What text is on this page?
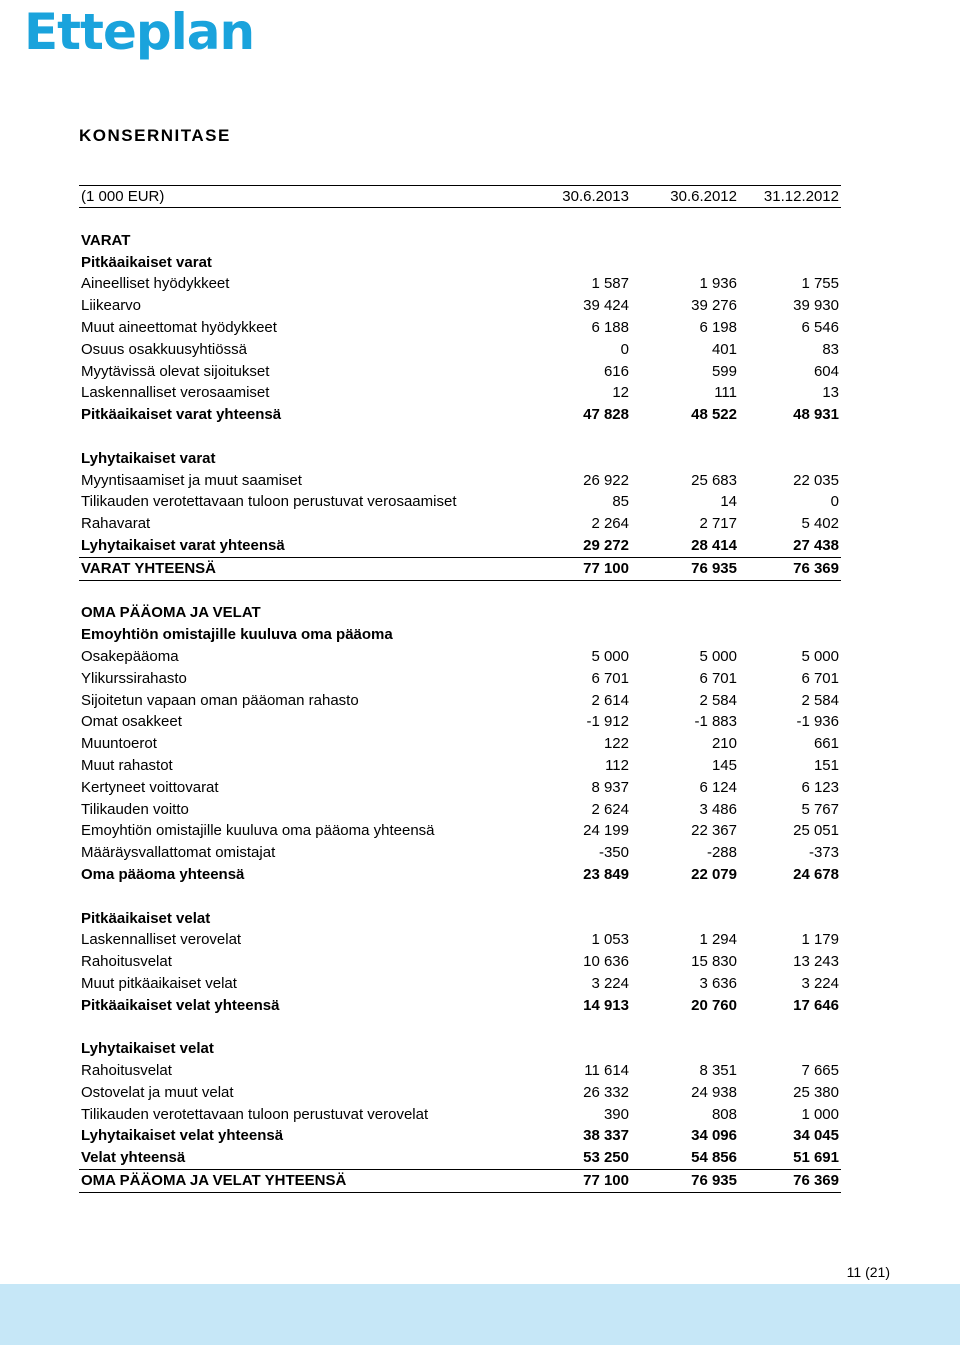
Etteplan
KONSERNITASE
(1 000 EUR)	30.6.2013	30.6.2012	31.12.2012
VARAT
Pitkäaikaiset varat
Aineelliset hyödykkeet	1 587	1 936	1 755
Liikearvo	39 424	39 276	39 930
Muut aineettomat hyödykkeet	6 188	6 198	6 546
Osuus osakkuusyhtiössä	0	401	83
Myytävissä olevat sijoitukset	616	599	604
Laskennalliset verosaamiset	12	111	13
Pitkäaikaiset varat yhteensä	47 828	48 522	48 931
Lyhytaikaiset varat
Myyntisaamiset ja muut saamiset	26 922	25 683	22 035
Tilikauden verotettavaan tuloon perustuvat verosaamiset	85	14	0
Rahavarat	2 264	2 717	5 402
Lyhytaikaiset varat yhteensä	29 272	28 414	27 438
VARAT YHTEENSÄ	77 100	76 935	76 369
OMA PÄÄOMA JA VELAT
Emoyhtiön omistajille kuuluva oma pääoma
Osakepääoma	5 000	5 000	5 000
Ylikurssirahasto	6 701	6 701	6 701
Sijoitetun vapaan oman pääoman rahasto	2 614	2 584	2 584
Omat osakkeet	-1 912	-1 883	-1 936
Muuntoerot	122	210	661
Muut rahastot	112	145	151
Kertyneet voittovarat	8 937	6 124	6 123
Tilikauden voitto	2 624	3 486	5 767
Emoyhtiön omistajille kuuluva oma pääoma yhteensä	24 199	22 367	25 051
Määräysvallattomat omistajat	-350	-288	-373
Oma pääoma yhteensä	23 849	22 079	24 678
Pitkäaikaiset velat
Laskennalliset verovelat	1 053	1 294	1 179
Rahoitusvelat	10 636	15 830	13 243
Muut pitkäaikaiset velat	3 224	3 636	3 224
Pitkäaikaiset velat yhteensä	14 913	20 760	17 646
Lyhytaikaiset velat
Rahoitusvelat	11 614	8 351	7 665
Ostovelat ja muut velat	26 332	24 938	25 380
Tilikauden verotettavaan tuloon perustuvat verovelat	390	808	1 000
Lyhytaikaiset velat yhteensä	38 337	34 096	34 045
Velat yhteensä	53 250	54 856	51 691
OMA PÄÄOMA JA VELAT YHTEENSÄ	77 100	76 935	76 369
11 (21)
